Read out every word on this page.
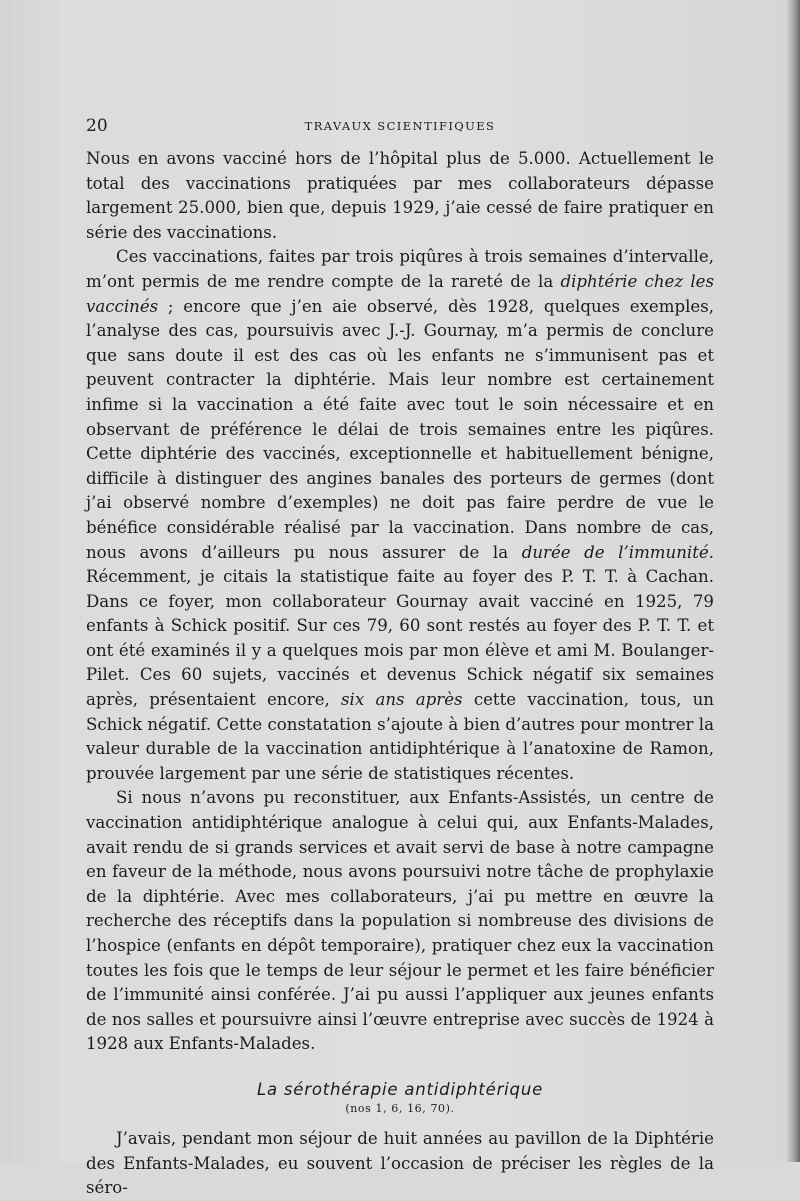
20	TRAVAUX SCIENTIFIQUES

Nous en avons vacciné hors de l’hôpital plus de 5.000. Actuellement le total des vaccinations pratiquées par mes collaborateurs dépasse largement 25.000, bien que, depuis 1929, j’aie cessé de faire pratiquer en série des vaccinations.

Ces vaccinations, faites par trois piqûres à trois semaines d’intervalle, m’ont permis de me rendre compte de la rareté de la diphtérie chez les vaccinés ; encore que j’en aie observé, dès 1928, quelques exemples, l’analyse des cas, poursuivis avec J.-J. Gournay, m’a permis de conclure que sans doute il est des cas où les enfants ne s’immunisent pas et peuvent contracter la diphtérie. Mais leur nombre est certainement infime si la vaccination a été faite avec tout le soin nécessaire et en observant de préférence le délai de trois semaines entre les piqûres. Cette diphtérie des vaccinés, exceptionnelle et habituellement bénigne, difficile à distinguer des angines banales des porteurs de germes (dont j’ai observé nombre d’exemples) ne doit pas faire perdre de vue le bénéfice considérable réalisé par la vaccination. Dans nombre de cas, nous avons d’ailleurs pu nous assurer de la durée de l’immunité. Récemment, je citais la statistique faite au foyer des P. T. T. à Cachan. Dans ce foyer, mon collaborateur Gournay avait vacciné en 1925, 79 enfants à Schick positif. Sur ces 79, 60 sont restés au foyer des P. T. T. et ont été examinés il y a quelques mois par mon élève et ami M. Boulanger-Pilet. Ces 60 sujets, vaccinés et devenus Schick négatif six semaines après, présentaient encore, six ans après cette vaccination, tous, un Schick négatif. Cette constatation s’ajoute à bien d’autres pour montrer la valeur durable de la vaccination antidiphtérique à l’anatoxine de Ramon, prouvée largement par une série de statistiques récentes.

Si nous n’avons pu reconstituer, aux Enfants-Assistés, un centre de vaccination antidiphtérique analogue à celui qui, aux Enfants-Malades, avait rendu de si grands services et avait servi de base à notre campagne en faveur de la méthode, nous avons poursuivi notre tâche de prophylaxie de la diphtérie. Avec mes collaborateurs, j’ai pu mettre en œuvre la recherche des réceptifs dans la population si nombreuse des divisions de l’hospice (enfants en dépôt temporaire), pratiquer chez eux la vaccination toutes les fois que le temps de leur séjour le permet et les faire bénéficier de l’immunité ainsi conférée. J’ai pu aussi l’appliquer aux jeunes enfants de nos salles et poursuivre ainsi l’œuvre entreprise avec succès de 1924 à 1928 aux Enfants-Malades.

La sérothérapie antidiphtérique
(nos 1, 6, 16, 70).

J’avais, pendant mon séjour de huit années au pavillon de la Diphtérie des Enfants-Malades, eu souvent l’occasion de préciser les règles de la séro-
